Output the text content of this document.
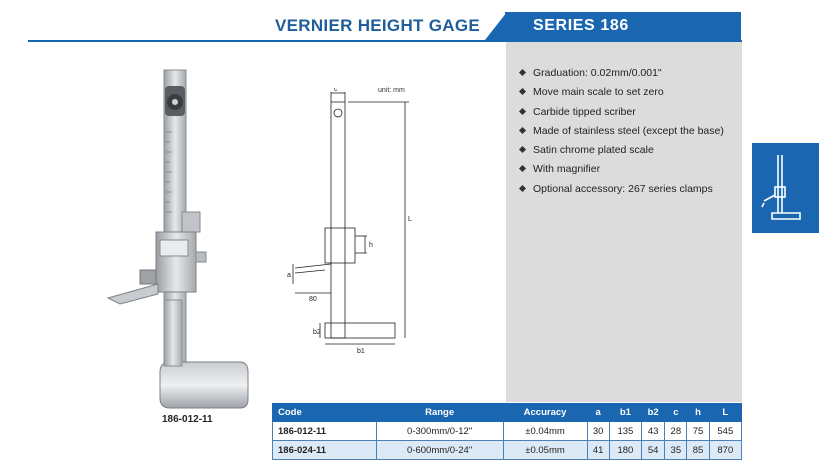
VERNIER HEIGHT GAGE	SERIES 186
Graduation: 0.02mm/0.001"
Move main scale to set zero
Carbide tipped scriber
Made of stainless steel (except the base)
Satin chrome plated scale
With magnifier
Optional accessory: 267 series clamps
186-012-11
unit: mm
c
L
h
a
80
b2
b1
Code	Range	Accuracy	a	b1	b2	c	h	L
186-012-11	0-300mm/0-12"	±0.04mm	30	135	43	28	75	545
186-024-11	0-600mm/0-24"	±0.05mm	41	180	54	35	85	870
